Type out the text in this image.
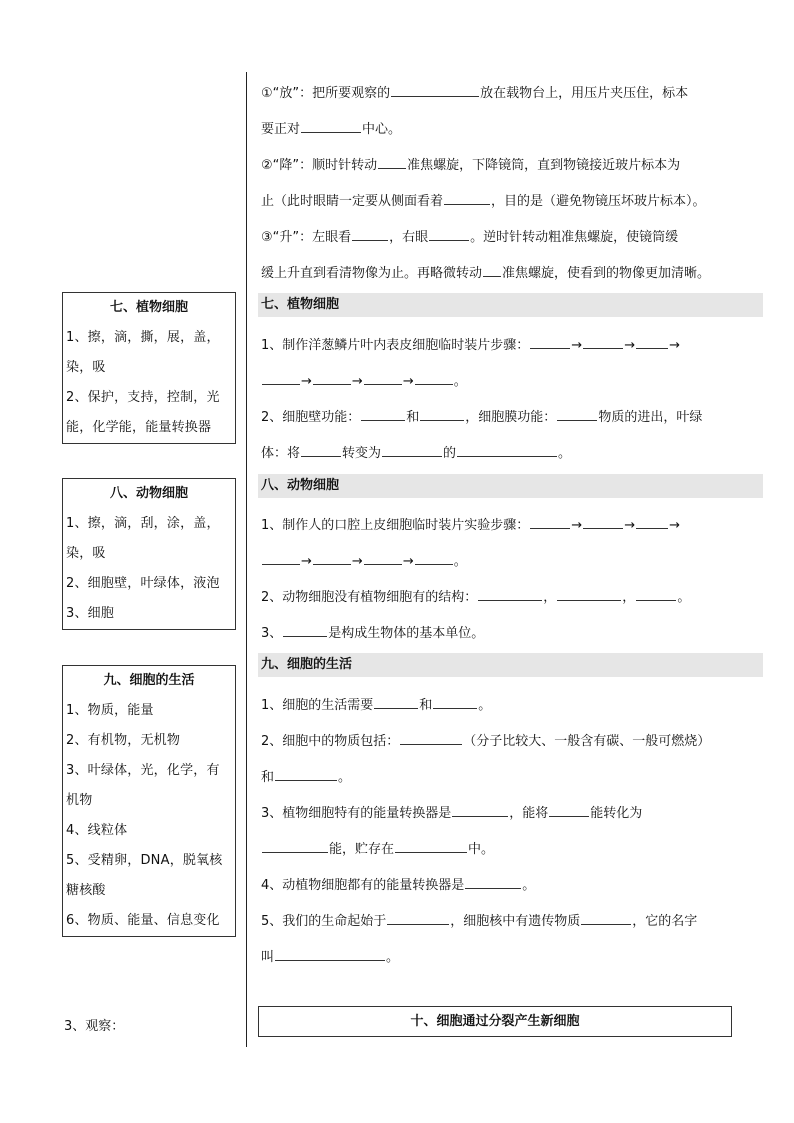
七、植物细胞
1、擦，滴，撕，展，盖，
染，吸
2、保护，支持，控制，光
能，化学能，能量转换器
八、动物细胞
1、擦，滴，刮，涂，盖，
染，吸
2、细胞壁，叶绿体，液泡
3、细胞
九、细胞的生活
1、物质，能量
2、有机物，无机物
3、叶绿体，光，化学，有
机物
4、线粒体
5、受精卵，DNA，脱氧核
糖核酸
6、物质、能量、信息变化
3、观察：
①“放”：把所要观察的	放在载物台上，用压片夹压住，标本
要正对	中心。
②“降”：顺时针转动 准焦螺旋，下降镜筒，直到物镜接近玻片标本为
止（此时眼睛一定要从侧面看着	，目的是（避免物镜压坏玻片标本）。
③“升”：左眼看	，右眼	。逆时针转动粗准焦螺旋，使镜筒缓
缓上升直到看清物像为止。再略微转动 准焦螺旋，使看到的物像更加清晰。
七、植物细胞
1、制作洋葱鳞片叶内表皮细胞临时装片步骤：	→	→	→
→	→	→	。
2、细胞壁功能：	和	，细胞膜功能：	物质的进出，叶绿
体：将	转变为	的	。
八、动物细胞
1、制作人的口腔上皮细胞临时装片实验步骤：	→	→	→
→	→	→	。
2、动物细胞没有植物细胞有的结构：	，	，	。
3、	是构成生物体的基本单位。
九、细胞的生活
1、细胞的生活需要	和	。
2、细胞中的物质包括：	（分子比较大、一般含有碳、一般可燃烧）
和	。
3、植物细胞特有的能量转换器是	，能将	能转化为
能，贮存在	中。
4、动植物细胞都有的能量转换器是	。
5、我们的生命起始于	，细胞核中有遗传物质	，它的名字
叫	。
十、细胞通过分裂产生新细胞
